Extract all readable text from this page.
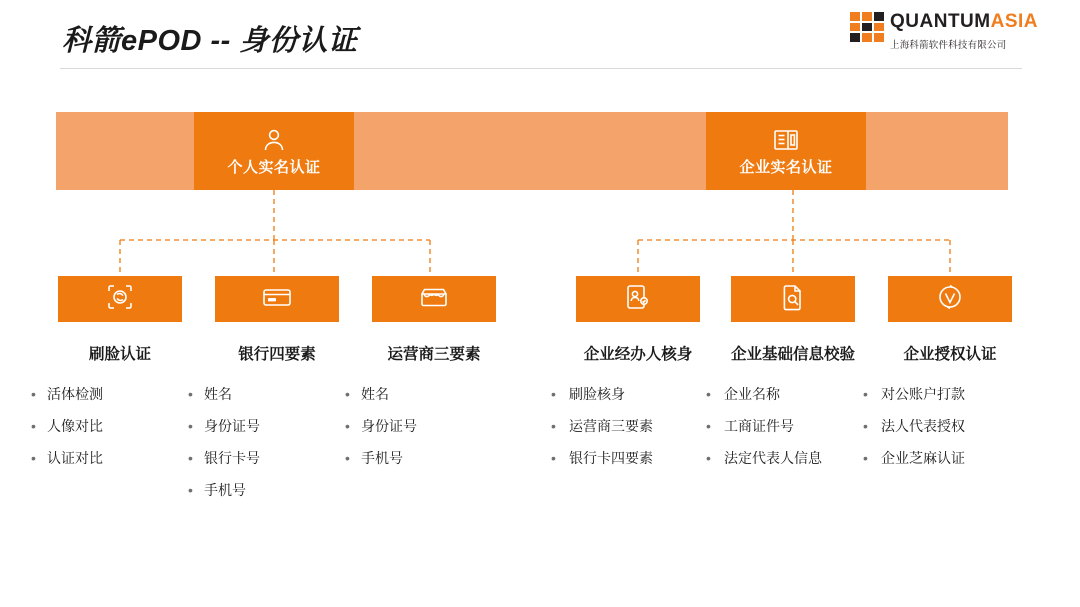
科箭ePOD -- 身份认证
QUANTUMASIA
上海科箭软件科技有限公司
个人实名认证	企业实名认证
刷脸认证
• 活体检测
• 人像对比
• 认证对比
银行四要素
• 姓名
• 身份证号
• 银行卡号
• 手机号
运营商三要素
• 姓名
• 身份证号
• 手机号
企业经办人核身
• 刷脸核身
• 运营商三要素
• 银行卡四要素
企业基础信息校验
• 企业名称
• 工商证件号
• 法定代表人信息
企业授权认证
• 对公账户打款
• 法人代表授权
• 企业芝麻认证
